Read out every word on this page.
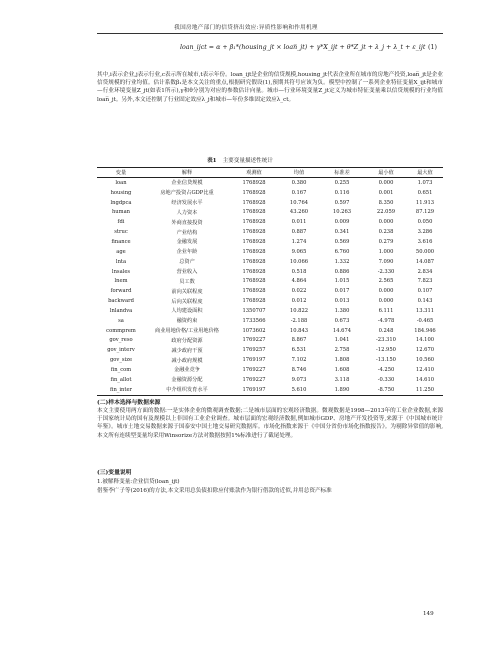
我国房地产部门的信贷挤出效应:异质性影响和作用机理
loan_ijct = α + β₁*(housing_jt × loan̅_jt) + γ*X_ijt + θ*Z_jt + λ_j + λ_t + ε_ijt (1)
其中,i表示企业,j表示行业,c表示所在城市,t表示年份。loan_ijt是企业的信贷规模,housing_jt代表企业所在城市的房地产投资,loan̅_jt是企业信贷规模的行业均值。估计系数β₁是本文关注的重点,根据研究假设(1),预期其符号应该为负。模型中控制了一系列企业特征变量X_ijt和城市—行业环境变量Z_jt(如表1所示),γ和θ分别为对应的参数估计向量。城市—行业环境变量Z_jt定义为城市特征变量乘以信贷规模的行业均值loan̅_jt。另外,本文还控制了行业固定效应λ_j和城市—年份多维固定效应λ_ct。
表1 主要变量描述性统计
变量	解释	观测值	均值	标准差	最小值	最大值
loan	企业信贷规模	1768928	0.380	0.255	0.000	1.073
housing	房地产投资占GDP比重	1768928	0.167	0.116	0.001	0.651
lngdpca	经济发展水平	1768928	10.764	0.597	8.350	11.913
human	人力资本	1768928	43.260	10.263	22.059	87.129
fdi	外商直接投资	1768928	0.011	0.009	0.000	0.050
struc	产业结构	1768928	0.887	0.341	0.238	3.286
finance	金融发展	1768928	1.274	0.569	0.279	3.616
age	企业年龄	1768928	9.065	6.760	1.000	50.000
lnta	总资产	1768928	10.066	1.332	7.090	14.087
lnsales	营业收入	1768928	0.518	0.886	-2.330	2.834
lnem	员工数	1768928	4.864	1.015	2.565	7.823
forward	前向关联程度	1768928	0.022	0.017	0.000	0.107
backward	后向关联程度	1768928	0.012	0.013	0.000	0.143
lnlandva	人均建设面积	1350707	10.822	1.380	6.111	13.311
sa	融资约束	1733566	-2.188	0.673	-4.978	-0.465
commprem	商业用地价格/工业用地价格	1073602	10.843	14.674	0.248	184.946
gov_reso	政府分配资源	1769227	8.867	1.041	-23.310	14.100
gov_interv	减少政府干预	1769257	6.531	2.758	-12.950	12.670
gov_size	减小政府规模	1769197	7.102	1.808	-13.150	10.560
fin_com	金融业竞争	1769227	8.746	1.608	-4.250	12.410
fin_allot	金融资源分配	1769227	9.073	3.118	-0.330	14.610
fin_inter	中介组织发育水平	1769197	5.610	1.890	-8.750	11.250
(二)样本选择与数据来源
本文主要使用两方面的数据:一是实体企业的微观调查数据;二是城市层面的宏观经济数据。微观数据是1998—2013年的工业企业数据,来源于国家统计局的国有及规模以上非国有工业企业调查。城市层面的宏观经济数据,例如城市GDP、房地产开发投资等,来源于《中国城市统计年鉴》。城市土地交易数据来源于国泰安中国土地交易研究数据库。市场化指数来源于《中国分省份市场化指数报告》。为剔除异常值的影响,本文所有连续型变量均采用Winsorize方法对数据按照1%标准进行了截尾处理。
(三)变量说明
1.被解释变量:企业信贷(loan_ijt)
借鉴李广子等(2016)的方法,本文采用总负债扣除应付账款作为银行借款的近似,并用总资产标准
149
